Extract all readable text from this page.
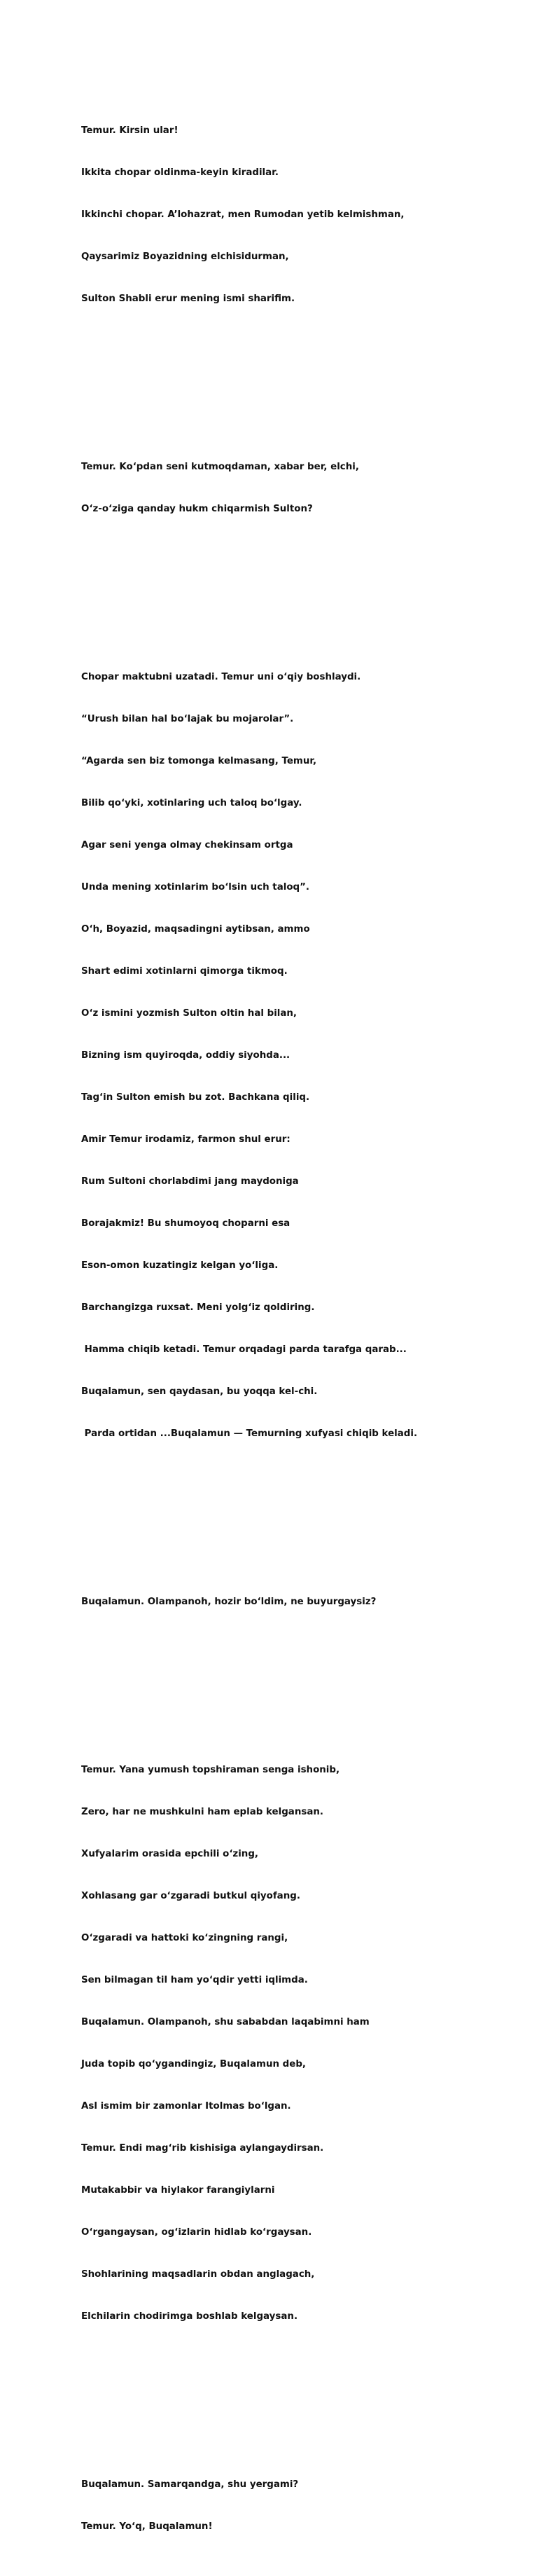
Temur. Kirsin ular!

Ikkita chopar oldinma-keyin kiradilar.

Ikkinchi chopar. A’lohazrat, men Rumodan yetib kelmishman,

Qaysarimiz Boyazidning elchisidurman,

Sulton Shabli erur mening ismi sharifim.

Temur. Ko‘pdan seni kutmoqdaman, xabar ber, elchi,

O‘z-o‘ziga qanday hukm chiqarmish Sulton?

Chopar maktubni uzatadi. Temur uni o‘qiy boshlaydi.

“Urush bilan hal bo‘lajak bu mojarolar”.

“Agarda sen biz tomonga kelmasang, Temur,

Bilib qo‘yki, xotinlaring uch taloq bo‘lgay.

Agar seni yenga olmay chekinsam ortga

Unda mening xotinlarim bo‘lsin uch taloq”.

O‘h, Boyazid, maqsadingni aytibsan, ammo

Shart edimi xotinlarni qimorga tikmoq.

O‘z ismini yozmish Sulton oltin hal bilan,

Bizning ism quyiroqda, oddiy siyohda...

Tag‘in Sulton emish bu zot. Bachkana qiliq.

Amir Temur irodamiz, farmon shul erur:

Rum Sultoni chorlabdimi jang maydoniga

Borajakmiz! Bu shumoyoq choparni esa

Eson-omon kuzatingiz kelgan yo‘liga.

Barchangizga ruxsat. Meni yolg‘iz qoldiring.

Hamma chiqib ketadi. Temur orqadagi parda tarafga qarab...

Buqalamun, sen qaydasan, bu yoqqa kel-chi.

Parda ortidan ...Buqalamun — Temurning xufyasi chiqib keladi.

Buqalamun. Olampanoh, hozir bo‘ldim, ne buyurgaysiz?

Temur. Yana yumush topshiraman senga ishonib,

Zero, har ne mushkulni ham eplab kelgansan.

Xufyalarim orasida epchili o‘zing,

Xohlasang gar o‘zgaradi butkul qiyofang.

O‘zgaradi va hattoki ko‘zingning rangi,

Sen bilmagan til ham yo‘qdir yetti iqlimda.

Buqalamun. Olampanoh, shu sababdan laqabimni ham

Juda topib qo‘ygandingiz, Buqalamun deb,

Asl ismim bir zamonlar Itolmas bo‘lgan.

Temur. Endi mag‘rib kishisiga aylangaydirsan.

Mutakabbir va hiylakor farangiylarni

O‘rgangaysan, og‘izlarin hidlab ko‘rgaysan.

Shohlarining maqsadlarin obdan anglagach,

Elchilarin chodirimga boshlab kelgaysan.

Buqalamun. Samarqandga, shu yergami?

Temur. Yo‘q, Buqalamun!
